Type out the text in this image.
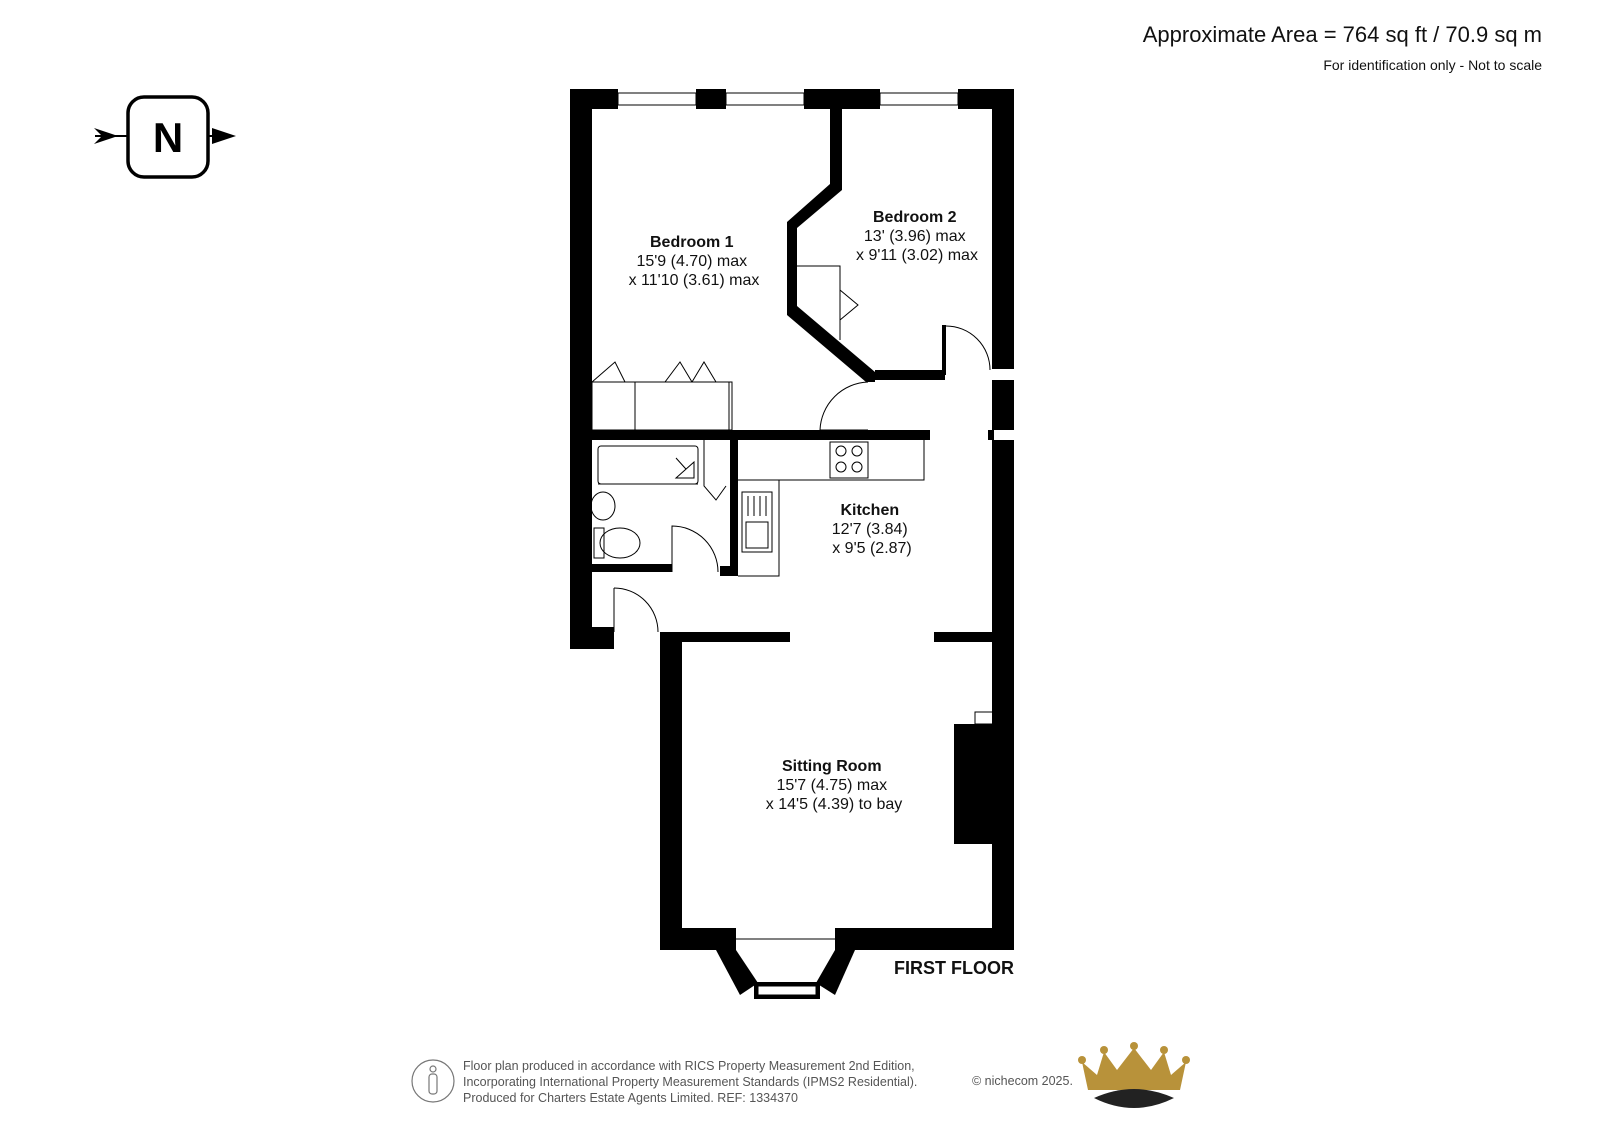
Approximate Area = 764 sq ft / 70.9 sq m
For identification only - Not to scale
N
Bedroom 1 15'9 (4.70) max x 11'10 (3.61) max
Bedroom 2 13' (3.96) max x 9'11 (3.02) max
Kitchen 12'7 (3.84) x 9'5 (2.87)
Sitting Room 15'7 (4.75) max x 14'5 (4.39) to bay
FIRST FLOOR
Floor plan produced in accordance with RICS Property Measurement 2nd Edition,
Incorporating International Property Measurement Standards (IPMS2 Residential).
Produced for Charters Estate Agents Limited. REF: 1334370
© nichecom 2025.
